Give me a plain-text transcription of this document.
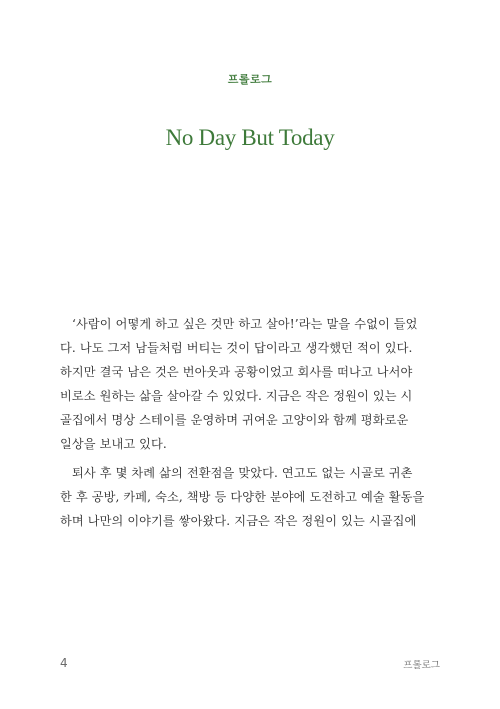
프롤로그
No Day But Today
‘사람이 어떻게 하고 싶은 것만 하고 살아!’라는 말을 수없이 들었
다. 나도 그저 남들처럼 버티는 것이 답이라고 생각했던 적이 있다.
하지만 결국 남은 것은 번아웃과 공황이었고 회사를 떠나고 나서야
비로소 원하는 삶을 살아갈 수 있었다. 지금은 작은 정원이 있는 시
골집에서 명상 스테이를 운영하며 귀여운 고양이와 함께 평화로운
일상을 보내고 있다.
퇴사 후 몇 차례 삶의 전환점을 맞았다. 연고도 없는 시골로 귀촌
한 후 공방, 카페, 숙소, 책방 등 다양한 분야에 도전하고 예술 활동을
하며 나만의 이야기를 쌓아왔다. 지금은 작은 정원이 있는 시골집에
4	프롤로그
